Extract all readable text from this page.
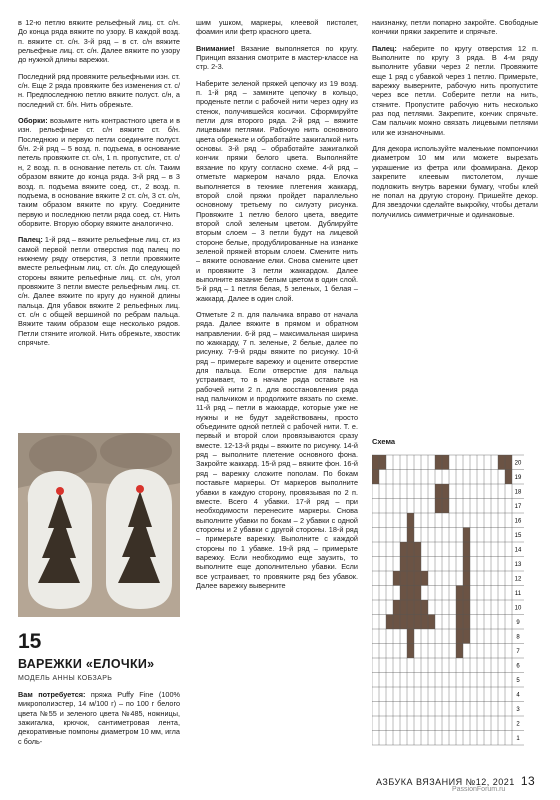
в 12-ю петлю вяжите рельефный лиц. ст. с/н. До конца ряда вяжите по узору. В каждой возд. п. вяжите ст. с/н. 3-й ряд – в ст. с/н вяжите рельефные лиц. ст. с/н. Далее вяжите по узору до нужной длины варежки.

Последний ряд провяжите рельефными изн. ст. с/н. Еще 2 ряда провяжите без изменения ст. с/н. Предпоследнюю петлю вяжите полуст. с/н, а последний ст. б/н. Нить обрежьте.

Оборки: возьмите нить контрастного цвета и в изн. рельефные ст. с/н вяжите ст. б/н. Последнюю и первую петли соедините полуст. б/н. 2-й ряд – 5 возд. п. подъема, в основание петель провяжите ст. с/н, 1 п. пропустите, ст. с/н, 2 возд. п. в основание петель ст. с/н. Таким образом вяжите до конца ряда. 3-й ряд – в 3 возд. п. подъема вяжите соед. ст., 2 возд. п. подъема, в основание вяжите 2 ст. с/н, 3 ст. с/н, таким образом вяжите по кругу. Соедините первую и последнюю петли ряда соед. ст. Нить оборвите. Вторую оборку вяжите аналогично.

Палец: 1-й ряд – вяжите рельефные лиц. ст. из самой первой петли отверстия под палец по нижнему ряду отверстия, 3 петли провяжите вместе рельефным лиц. ст. с/н. До следующей стороны вяжите рельефные лиц. ст. с/н, угол провяжите 3 петли вместе рельефным лиц. ст. с/н. Далее вяжите по кругу до нужной длины пальца. Для убавок вяжите 2 рельефных лиц. ст. с/н с общей вершиной по ребрам пальца. Вяжите таким образом еще несколько рядов. Петли стяните иголкой. Нить обрежьте, хвостик спрячьте.

15
ВАРЕЖКИ «ЕЛОЧКИ»
МОДЕЛЬ АННЫ КОБЗАРЬ
Вам потребуется: пряжа Puffy Fine (100% микрополиэстер, 14 м/100 г) – по 100 г белого цвета №55 и зеленого цвета №485, ножницы, зажигалка, крючок, сантиметровая лента, декоративные помпоны диаметром 10 мм, игла с боль-

шим ушком, маркеры, клеевой пистолет, фоамин или фетр красного цвета.

Внимание! Вязание выполняется по кругу. Принцип вязания смотрите в мастер-классе на стр. 2-3.

Наберите зеленой пряжей цепочку из 19 возд. п. 1-й ряд – замкните цепочку в кольцо, проденьте петли с рабочей нити через одну из стенок, получившейся косички. Сформируйте петли для второго ряда. 2-й ряд – вяжите лицевыми петлями. Рабочую нить основного цвета обрежьте и обработайте зажигалкой нить основы. 3-й ряд – обработайте зажигалкой кончик пряжи белого цвета. Выполняйте вязание по кругу согласно схеме. 4-й ряд – отметьте маркером начало ряда. Елочка выполняется в технике плетения жаккард, второй слой пряжи пройдет параллельно основному третьему по силуэту рисунка. Провяжите 1 петлю белого цвета, введите второй слой зеленым цветом. Дублируйте вторым слоем – 3 петли будут на лицевой стороне белые, продублированные на изнанке зеленой пряжей вторым слоем. Смените нить – вяжите основание елки. Снова смените цвет и провяжите 3 петли жаккардом. Далее выполните вязание белым цветом в один слой. 5-й ряд – 1 петля белая, 5 зеленых, 1 белая – жаккард. Далее в один слой.

Отметьте 2 п. для пальчика вправо от начала ряда. Далее вяжите в прямом и обратном направлении. 6-й ряд – максимальная ширина по жаккарду, 7 п. зеленые, 2 белые, далее по рисунку. 7-9-й ряды вяжите по рисунку. 10-й ряд – примерьте варежку и оцените отверстие для пальца. Если отверстие для пальца устраивает, то в начале ряда оставьте на рабочей нити 2 п. для восстановления ряда над пальчиком и продолжите вязать по схеме. 11-й ряд – петли в жаккарде, которые уже не нужны и не будут задействованы, просто объедините одной петлей с рабочей нити. Т. е. первый и второй слои провязываются сразу вместе. 12-13-й ряды – вяжите по рисунку. 14-й ряд – выполните плетение основного фона. Закройте жаккард. 15-й ряд – вяжите фон. 16-й ряд – варежку сложите пополам. По бокам поставьте маркеры. От маркеров выполните убавки в каждую сторону, провязывая по 2 п. вместе. Всего 4 убавки. 17-й ряд – при необходимости перенесите маркеры. Снова выполните убавки по бокам – 2 убавки с одной стороны и 2 убавки с другой стороны. 18-й ряд – примерьте варежку. Выполните с каждой стороны по 1 убавке. 19-й ряд – примерьте варежку. Если необходимо еще заузить, то выполните еще дополнительно убавки. Если все устраивает, то провяжите ряд без убавок. Далее варежку выверните

наизнанку, петли попарно закройте. Свободные кончики пряжи закрепите и спрячьте.

Палец: наберите по кругу отверстия 12 п. Выполните по кругу 3 ряда. В 4-м ряду выполните убавки через 2 петли. Провяжите еще 1 ряд с убавкой через 1 петлю. Примерьте, варежку выверните, рабочую нить пропустите через все петли. Соберите петли на нить, стяните. Пропустите рабочую нить несколько раз под петлями. Закрепите, кончик спрячьте. Сам пальчик можно связать лицевыми петлями или же изнаночными.

Для декора используйте маленькие помпончики диаметром 10 мм или можете вырезать украшение из фетра или фоамирана. Декор закрепите клеевым пистолетом, лучше подложить внутрь варежки бумагу, чтобы клей не попал на другую сторону. Пришейте декор. Для звездочки сделайте выкройку, чтобы детали получились симметричные и одинаковые.

Схема
20
19
18
17
16
15
14
13
12
11
10
9
8
7
6
5
4
3
2
1
АЗБУКА ВЯЗАНИЯ №12, 2021 13
PassionForum.ru
